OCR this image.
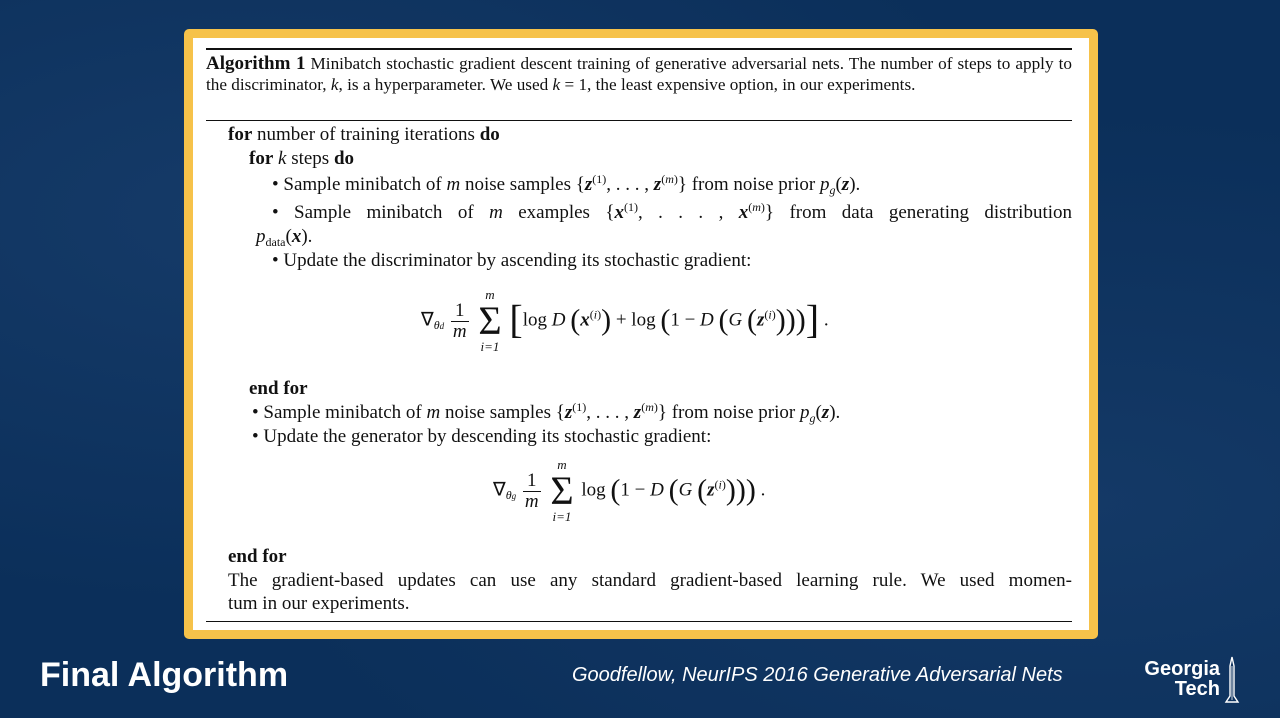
Algorithm 1 Minibatch stochastic gradient descent training of generative adversarial nets. The number of steps to apply to the discriminator, k, is a hyperparameter. We used k = 1, the least expensive option, in our experiments.
for number of training iterations do
for k steps do
• Sample minibatch of m noise samples {$z^{(1)}$, . . . , $z^{(m)}$} from noise prior $p_g(z)$.
• Sample minibatch of m examples {$x^{(1)}$, . . . , $x^{(m)}$} from data generating distribution
$p_{data}(x)$.
• Update the discriminator by ascending its stochastic gradient:
$\nabla_{\theta d} \frac{1}{m}$

m
Σ
i=1
[log D $(x^{(i)}) + \log (1 - D$ (G $(z^{(i)})$))] .
end for
• Sample minibatch of m noise samples {$z^{(1)}$, . . . , $z^{(m)}$} from noise prior $p_g(z)$.
• Update the generator by descending its stochastic gradient:
$\nabla_{\theta g} \frac{1}{m}$

m
Σ
i=1
log (1 − D (G $(z^{(i)})$)) .
end for
The gradient-based updates can use any standard gradient-based learning rule. We used momen-
tum in our experiments.
Final Algorithm	Goodfellow, NeurIPS 2016 Generative Adversarial Nets	Georgia
Tech
